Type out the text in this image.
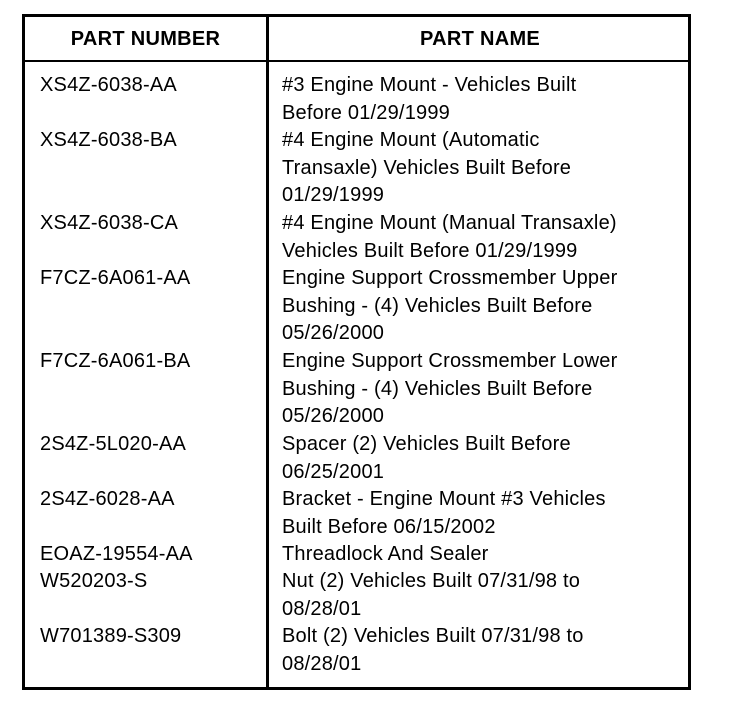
PART NUMBER	PART NAME
XS4Z-6038-AA	#3 Engine Mount - Vehicles Built
Before 01/29/1999
XS4Z-6038-BA	#4 Engine Mount (Automatic
Transaxle) Vehicles Built Before
01/29/1999
XS4Z-6038-CA	#4 Engine Mount (Manual Transaxle)
Vehicles Built Before 01/29/1999
F7CZ-6A061-AA	Engine Support Crossmember Upper
Bushing - (4) Vehicles Built Before
05/26/2000
F7CZ-6A061-BA	Engine Support Crossmember Lower
Bushing - (4) Vehicles Built Before
05/26/2000
2S4Z-5L020-AA	Spacer (2) Vehicles Built Before
06/25/2001
2S4Z-6028-AA	Bracket - Engine Mount #3 Vehicles
Built Before 06/15/2002
EOAZ-19554-AA	Threadlock And Sealer
W520203-S	Nut (2) Vehicles Built 07/31/98 to
08/28/01
W701389-S309	Bolt (2) Vehicles Built 07/31/98 to
08/28/01
